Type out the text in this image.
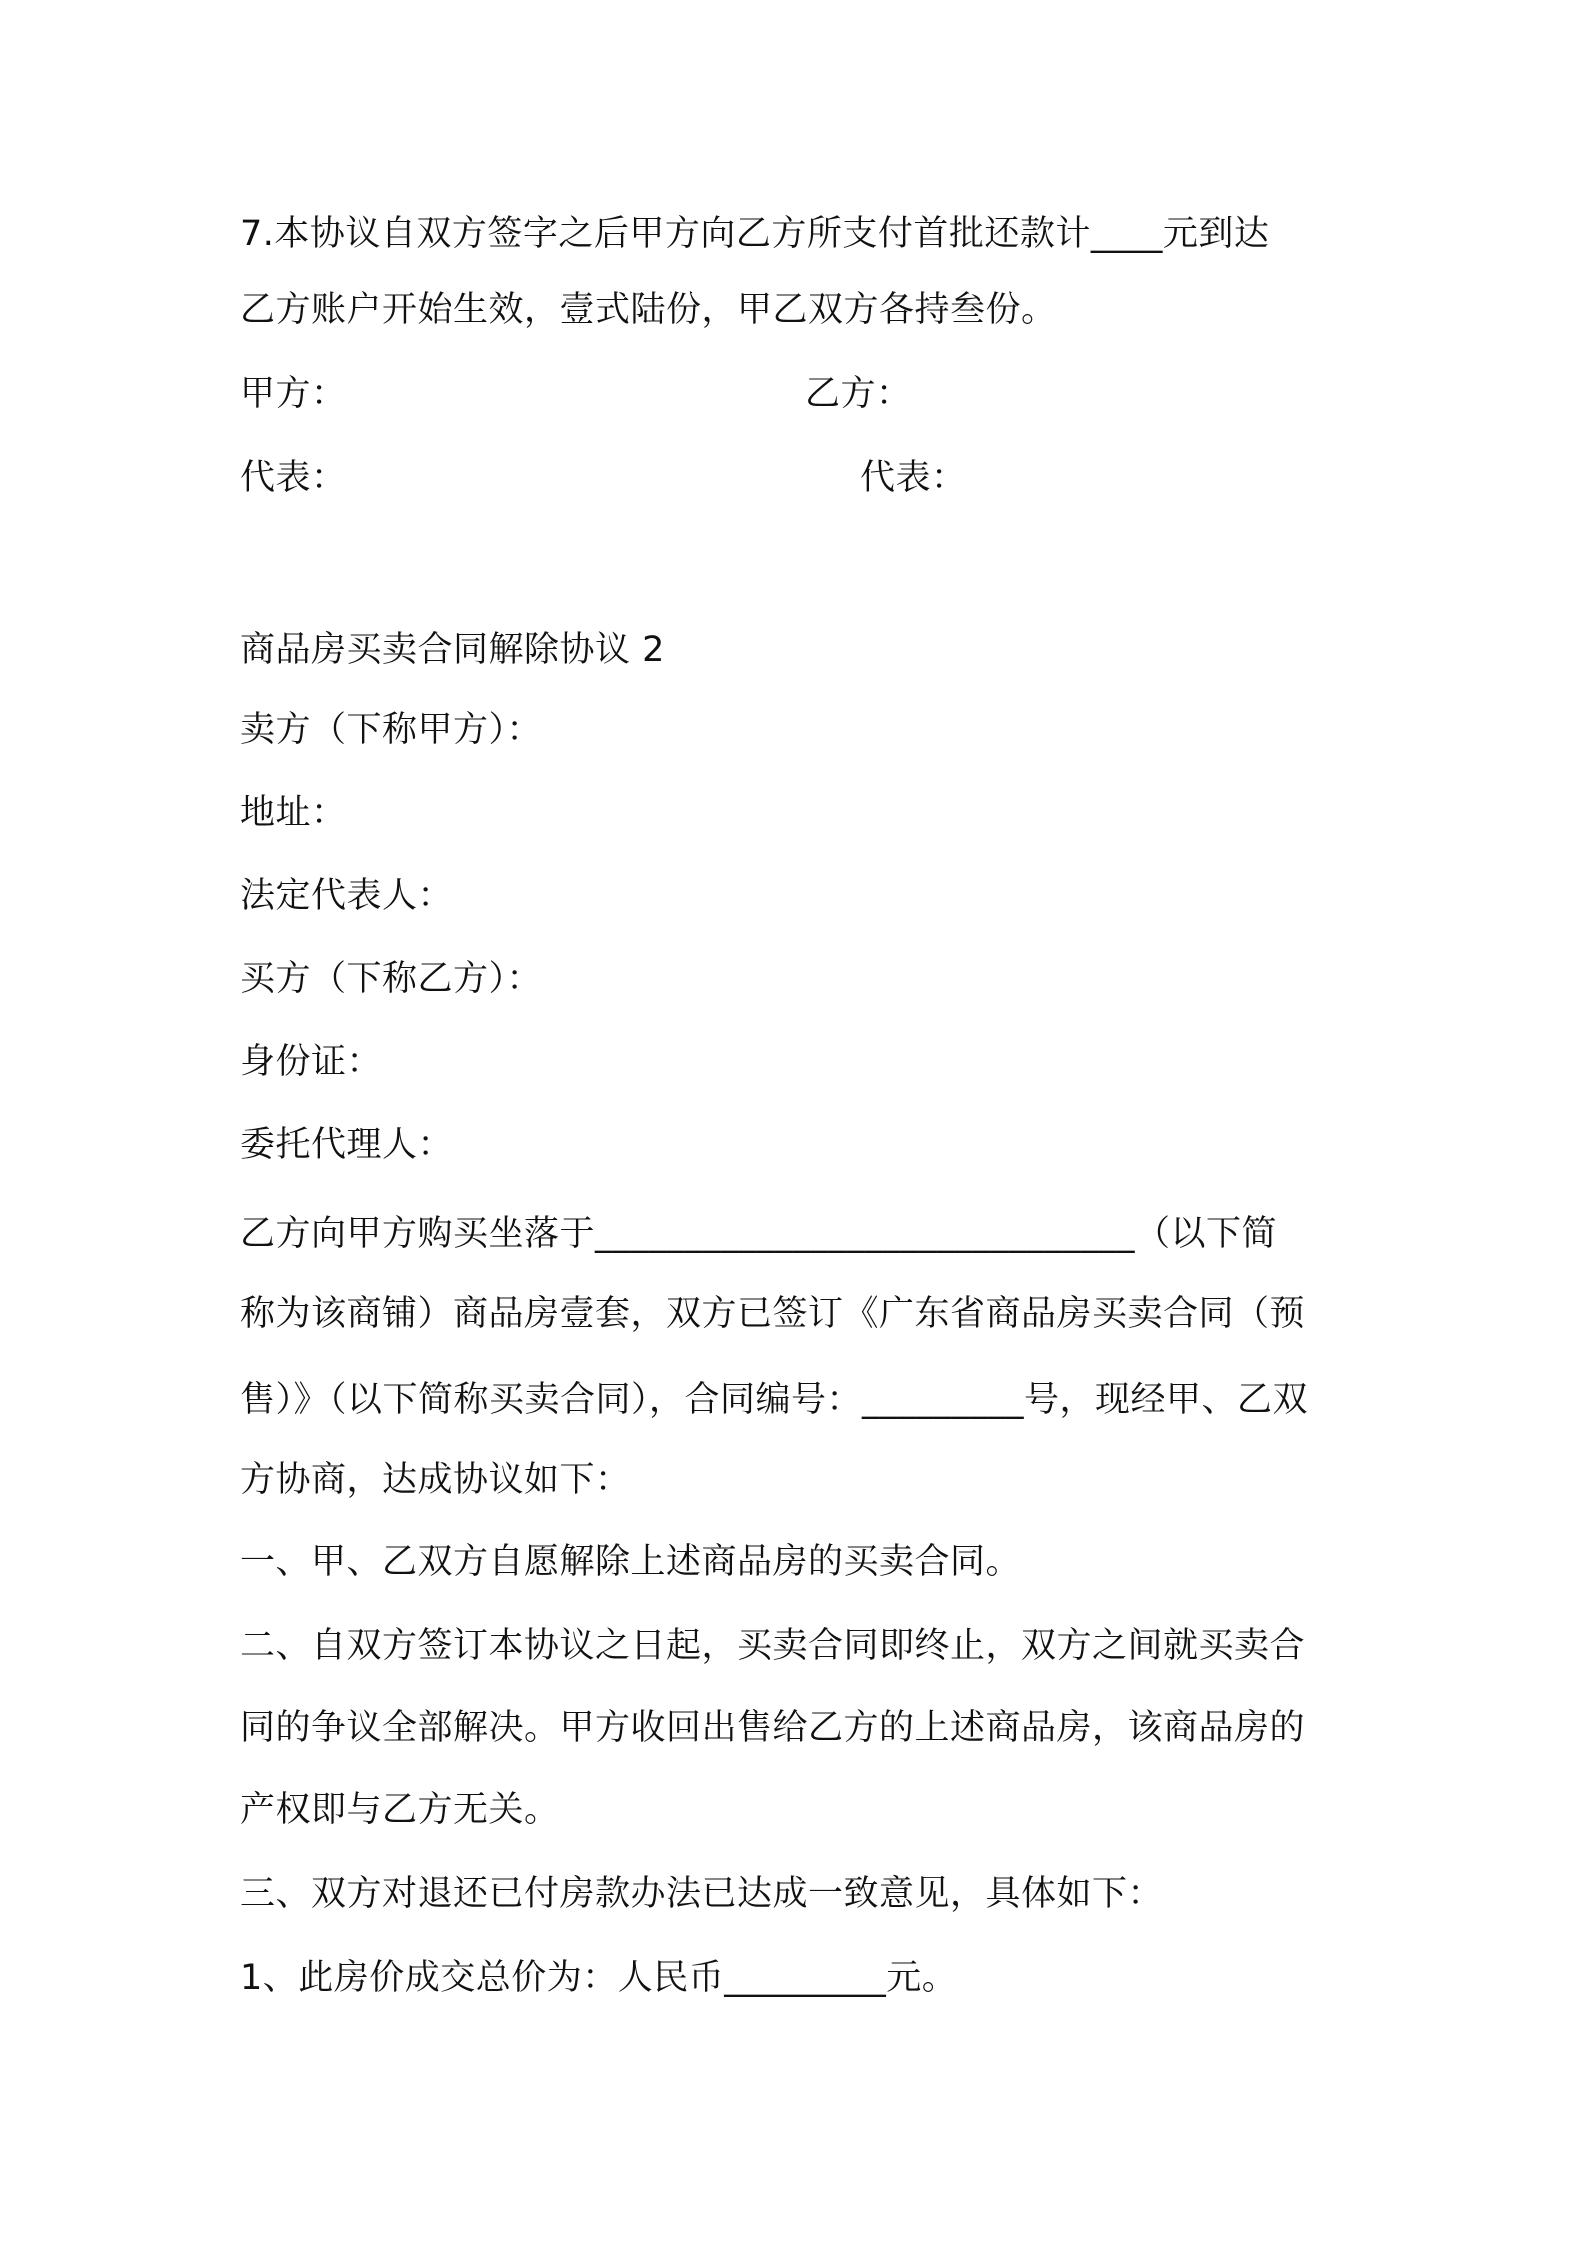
7.本协议自双方签字之后甲方向乙方所支付首批还款计____元到达
乙方账户开始生效，壹式陆份，甲乙双方各持叁份。
甲方：	乙方：
代表：	代表：
商品房买卖合同解除协议 2
卖方（下称甲方）：
地址：
法定代表人：
买方（下称乙方）：
身份证：
委托代理人：
乙方向甲方购买坐落于______________________________（以下简
称为该商铺）商品房壹套，双方已签订《广东省商品房买卖合同（预
售）》（以下简称买卖合同），合同编号：_________号，现经甲、乙双
方协商，达成协议如下：
一、甲、乙双方自愿解除上述商品房的买卖合同。
二、自双方签订本协议之日起，买卖合同即终止，双方之间就买卖合
同的争议全部解决。甲方收回出售给乙方的上述商品房，该商品房的
产权即与乙方无关。
三、双方对退还已付房款办法已达成一致意见，具体如下：
1、此房价成交总价为：人民币_________元。
